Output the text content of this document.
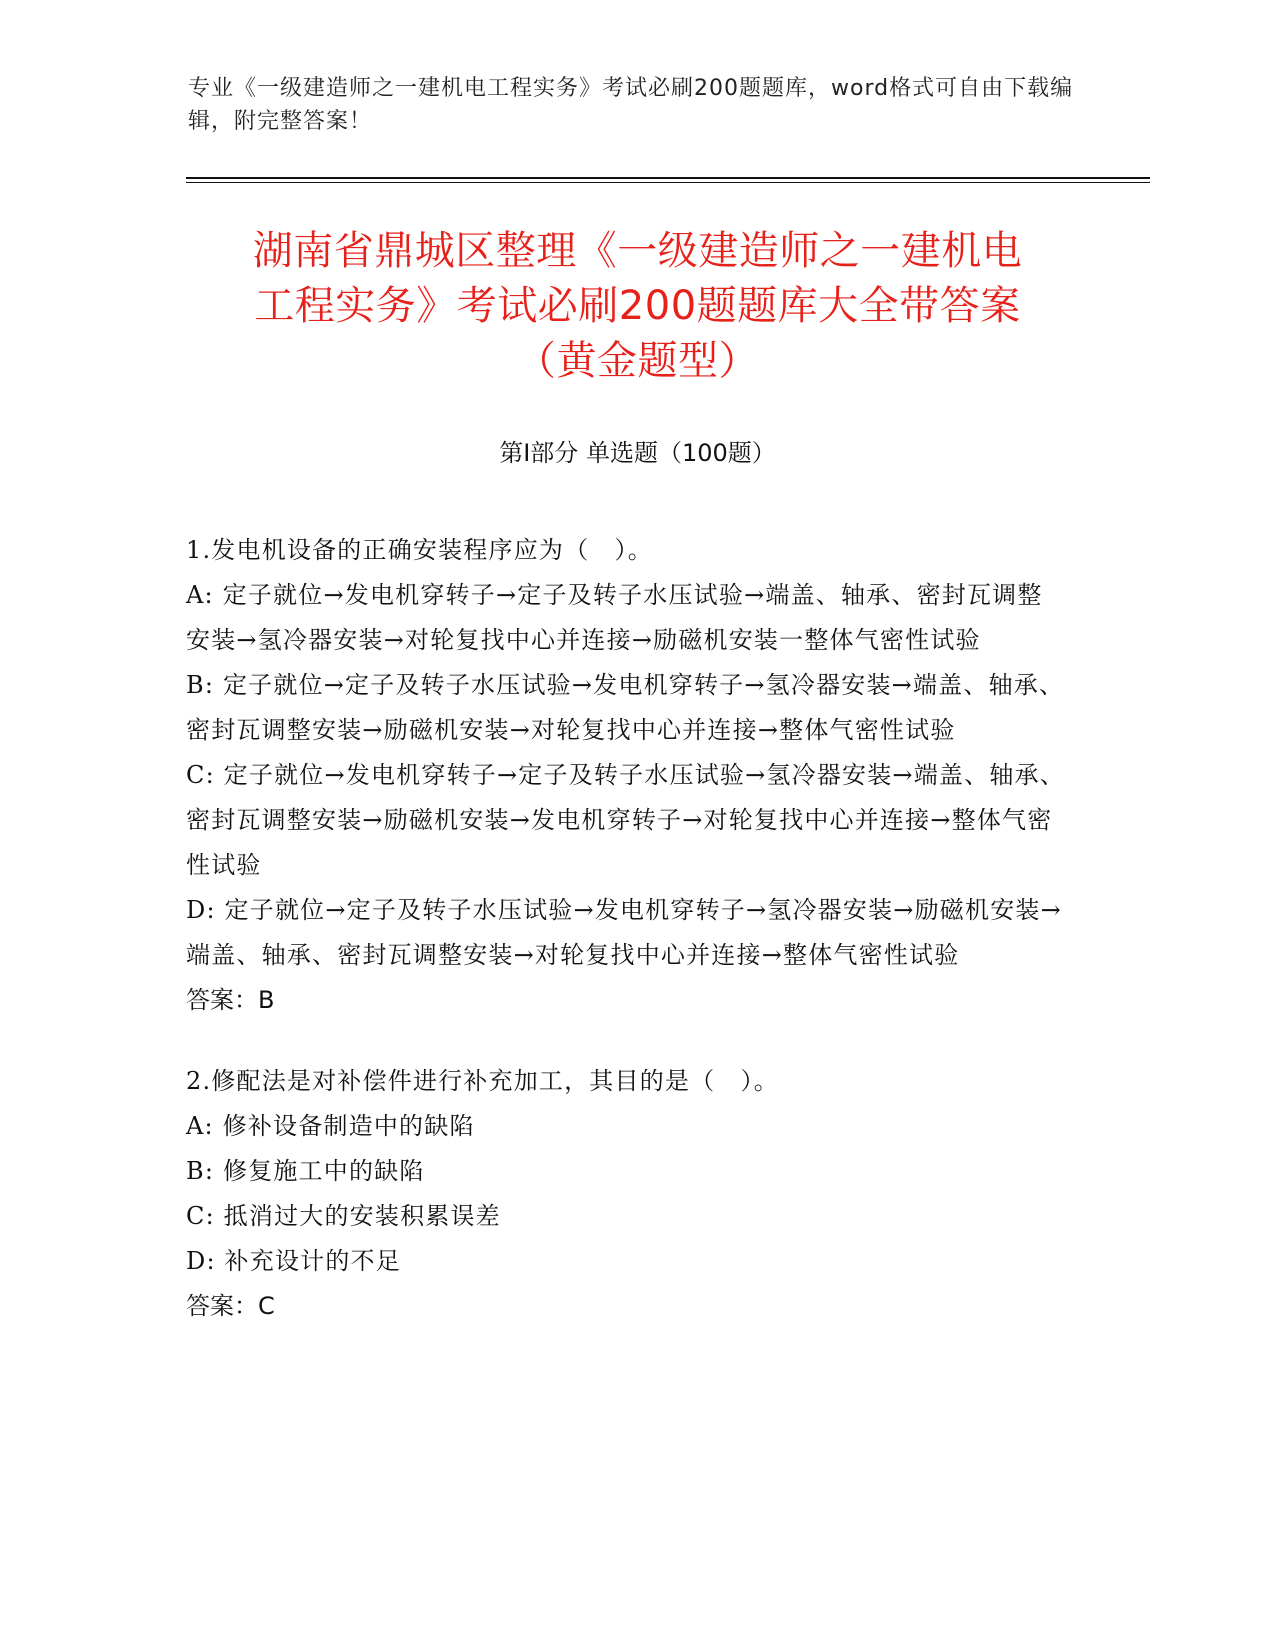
专业《一级建造师之一建机电工程实务》考试必刷200题题库，word格式可自由下载编辑，附完整答案！
湖南省鼎城区整理《一级建造师之一建机电
工程实务》考试必刷200题题库大全带答案
（黄金题型）
第Ⅰ部分 单选题（100题）

1.发电机设备的正确安装程序应为（　）。

A: 定子就位→发电机穿转子→定子及转子水压试验→端盖、轴承、密封瓦调整安装→氢冷器安装→对轮复找中心并连接→励磁机安装一整体气密性试验

B: 定子就位→定子及转子水压试验→发电机穿转子→氢冷器安装→端盖、轴承、密封瓦调整安装→励磁机安装→对轮复找中心并连接→整体气密性试验

C: 定子就位→发电机穿转子→定子及转子水压试验→氢冷器安装→端盖、轴承、密封瓦调整安装→励磁机安装→发电机穿转子→对轮复找中心并连接→整体气密性试验

D: 定子就位→定子及转子水压试验→发电机穿转子→氢冷器安装→励磁机安装→端盖、轴承、密封瓦调整安装→对轮复找中心并连接→整体气密性试验

答案：B

2.修配法是对补偿件进行补充加工，其目的是（　）。

A: 修补设备制造中的缺陷

B: 修复施工中的缺陷

C: 抵消过大的安装积累误差

D: 补充设计的不足

答案：C
